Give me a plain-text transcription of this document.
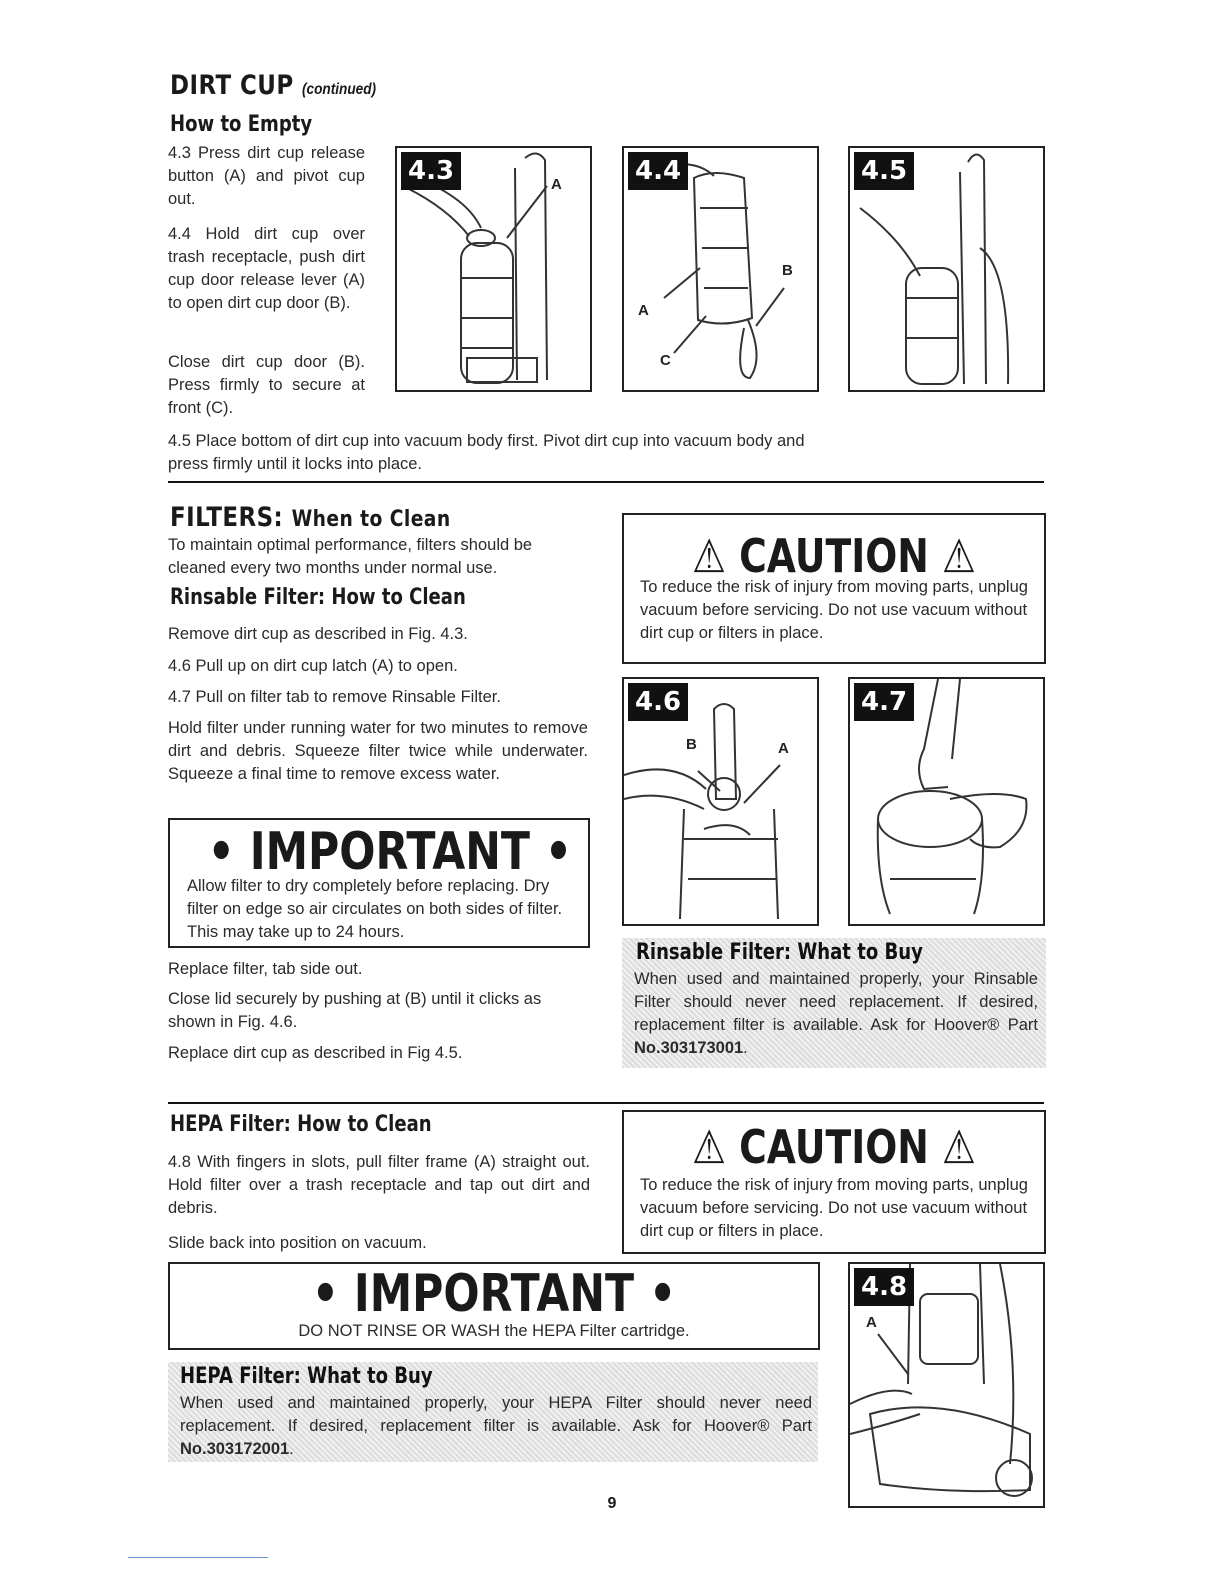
DIRT CUP (continued)
How to Empty
4.3 Press dirt cup release button (A) and pivot cup out.
4.4 Hold dirt cup over trash receptacle, push dirt cup door release lever (A) to open dirt cup door (B).
Close dirt cup door (B). Press firmly to secure at front (C).
4.5 Place bottom of dirt cup into vacuum body first. Pivot dirt cup into vacuum body and press firmly until it locks into place.
4.3	A	4.4
B
A
C
4.5
FILTERS: When to Clean
To maintain optimal performance, filters should be cleaned every two months under normal use.
Rinsable Filter: How to Clean
Remove dirt cup as described in Fig. 4.3.
4.6 Pull up on dirt cup latch (A) to open.
4.7 Pull on filter tab to remove Rinsable Filter.
Hold filter under running water for two minutes to remove dirt and debris. Squeeze filter twice while underwater. Squeeze a final time to remove excess water.
• IMPORTANT •
Allow filter to dry completely before replacing. Dry filter on edge so air circulates on both sides of filter. This may take up to 24 hours.
Replace filter, tab side out.
Close lid securely by pushing at (B) until it clicks as shown in Fig. 4.6.
Replace dirt cup as described in Fig 4.5.
⚠ CAUTION ⚠
To reduce the risk of injury from moving parts, unplug vacuum before servicing. Do not use vacuum without dirt cup or filters in place.
4.6
B	A
4.7
Rinsable Filter: What to Buy
When used and maintained properly, your Rinsable Filter should never need replacement. If desired, replacement filter is available. Ask for Hoover® Part No.303173001.
HEPA Filter: How to Clean
4.8 With fingers in slots, pull filter frame (A) straight out. Hold filter over a trash receptacle and tap out dirt and debris.
Slide back into position on vacuum.
⚠ CAUTION ⚠
To reduce the risk of injury from moving parts, unplug vacuum before servicing. Do not use vacuum without dirt cup or filters in place.
• IMPORTANT •
DO NOT RINSE OR WASH the HEPA Filter cartridge.
HEPA Filter: What to Buy
When used and maintained properly, your HEPA Filter should never need replacement. If desired, replacement filter is available. Ask for Hoover® Part No.303172001.
4.8
A
9
